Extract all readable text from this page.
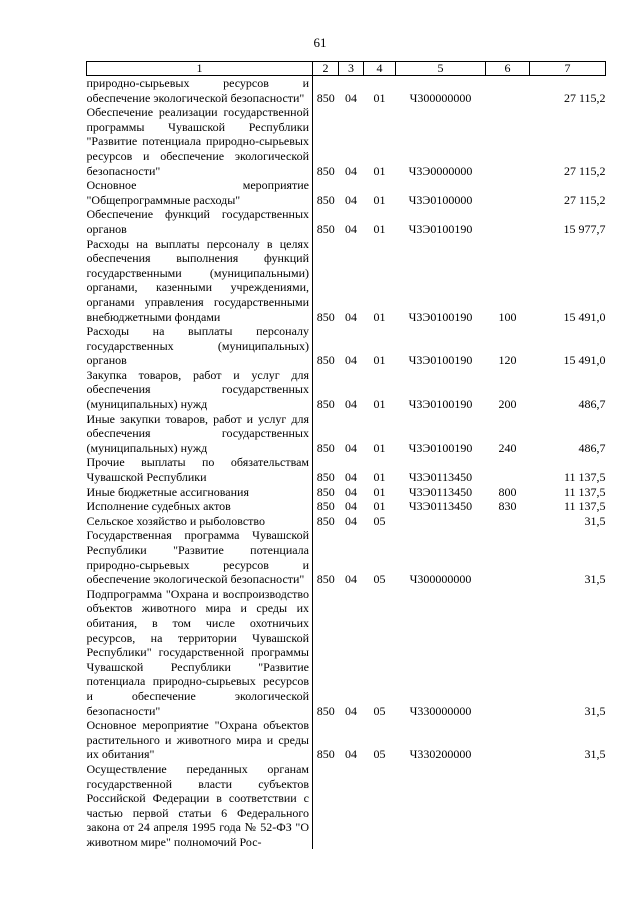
61
1	2	3	4	5	6	7
природно-сырьевых ресурсов и обеспечение экологической безопасности"	850	04	01	Ч300000000		27 115,2
Обеспечение реализации государственной программы Чувашской Республики "Развитие потенциала природно-сырьевых ресурсов и обеспечение экологической безопасности"	850	04	01	Ч3Э0000000		27 115,2
Основное мероприятие "Общепрограммные расходы"	850	04	01	Ч3Э0100000		27 115,2
Обеспечение функций государственных органов	850	04	01	Ч3Э0100190		15 977,7
Расходы на выплаты персоналу в целях обеспечения выполнения функций государственными (муниципальными) органами, казенными учреждениями, органами управления государственными внебюджетными фондами	850	04	01	Ч3Э0100190	100	15 491,0
Расходы на выплаты персоналу государственных (муниципальных) органов	850	04	01	Ч3Э0100190	120	15 491,0
Закупка товаров, работ и услуг для обеспечения государственных (муниципальных) нужд	850	04	01	Ч3Э0100190	200	486,7
Иные закупки товаров, работ и услуг для обеспечения государственных (муниципальных) нужд	850	04	01	Ч3Э0100190	240	486,7
Прочие выплаты по обязательствам Чувашской Республики	850	04	01	Ч3Э0113450		11 137,5
Иные бюджетные ассигнования	850	04	01	Ч3Э0113450	800	11 137,5
Исполнение судебных актов	850	04	01	Ч3Э0113450	830	11 137,5
Сельское хозяйство и рыболовство	850	04	05			31,5
Государственная программа Чувашской Республики "Развитие потенциала природно-сырьевых ресурсов и обеспечение экологической безопасности"	850	04	05	Ч300000000		31,5
Подпрограмма "Охрана и воспроизводство объектов животного мира и среды их обитания, в том числе охотничьих ресурсов, на территории Чувашской Республики" государственной программы Чувашской Республики "Развитие потенциала природно-сырьевых ресурсов и обеспечение экологической безопасности"	850	04	05	Ч330000000		31,5
Основное мероприятие "Охрана объектов растительного и животного мира и среды их обитания"	850	04	05	Ч330200000		31,5
Осуществление переданных органам государственной власти субъектов Российской Федерации в соответствии с частью первой статьи 6 Федерального закона от 24 апреля 1995 года № 52-ФЗ "О животном мире" полномочий Рос-						
